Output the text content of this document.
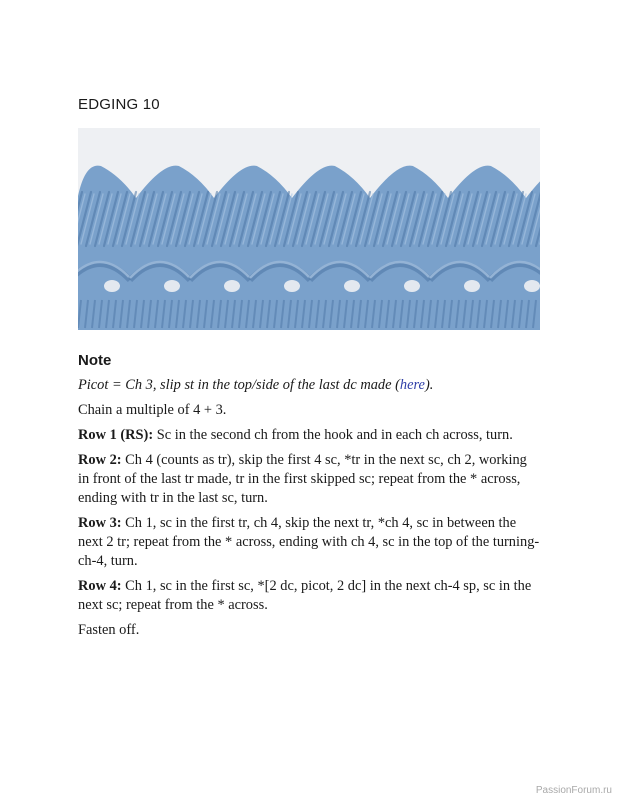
EDGING 10
Note

Picot = Ch 3, slip st in the top/side of the last dc made (here).

Chain a multiple of 4 + 3.

Row 1 (RS): Sc in the second ch from the hook and in each ch across, turn.

Row 2: Ch 4 (counts as tr), skip the first 4 sc, *tr in the next sc, ch 2, working in front of the last tr made, tr in the first skipped sc; repeat from the * across, ending with tr in the last sc, turn.

Row 3: Ch 1, sc in the first tr, ch 4, skip the next tr, *ch 4, sc in between the next 2 tr; repeat from the * across, ending with ch 4, sc in the top of the turning-ch-4, turn.

Row 4: Ch 1, sc in the first sc, *[2 dc, picot, 2 dc] in the next ch-4 sp, sc in the next sc; repeat from the * across.

Fasten off.

PassionForum.ru
